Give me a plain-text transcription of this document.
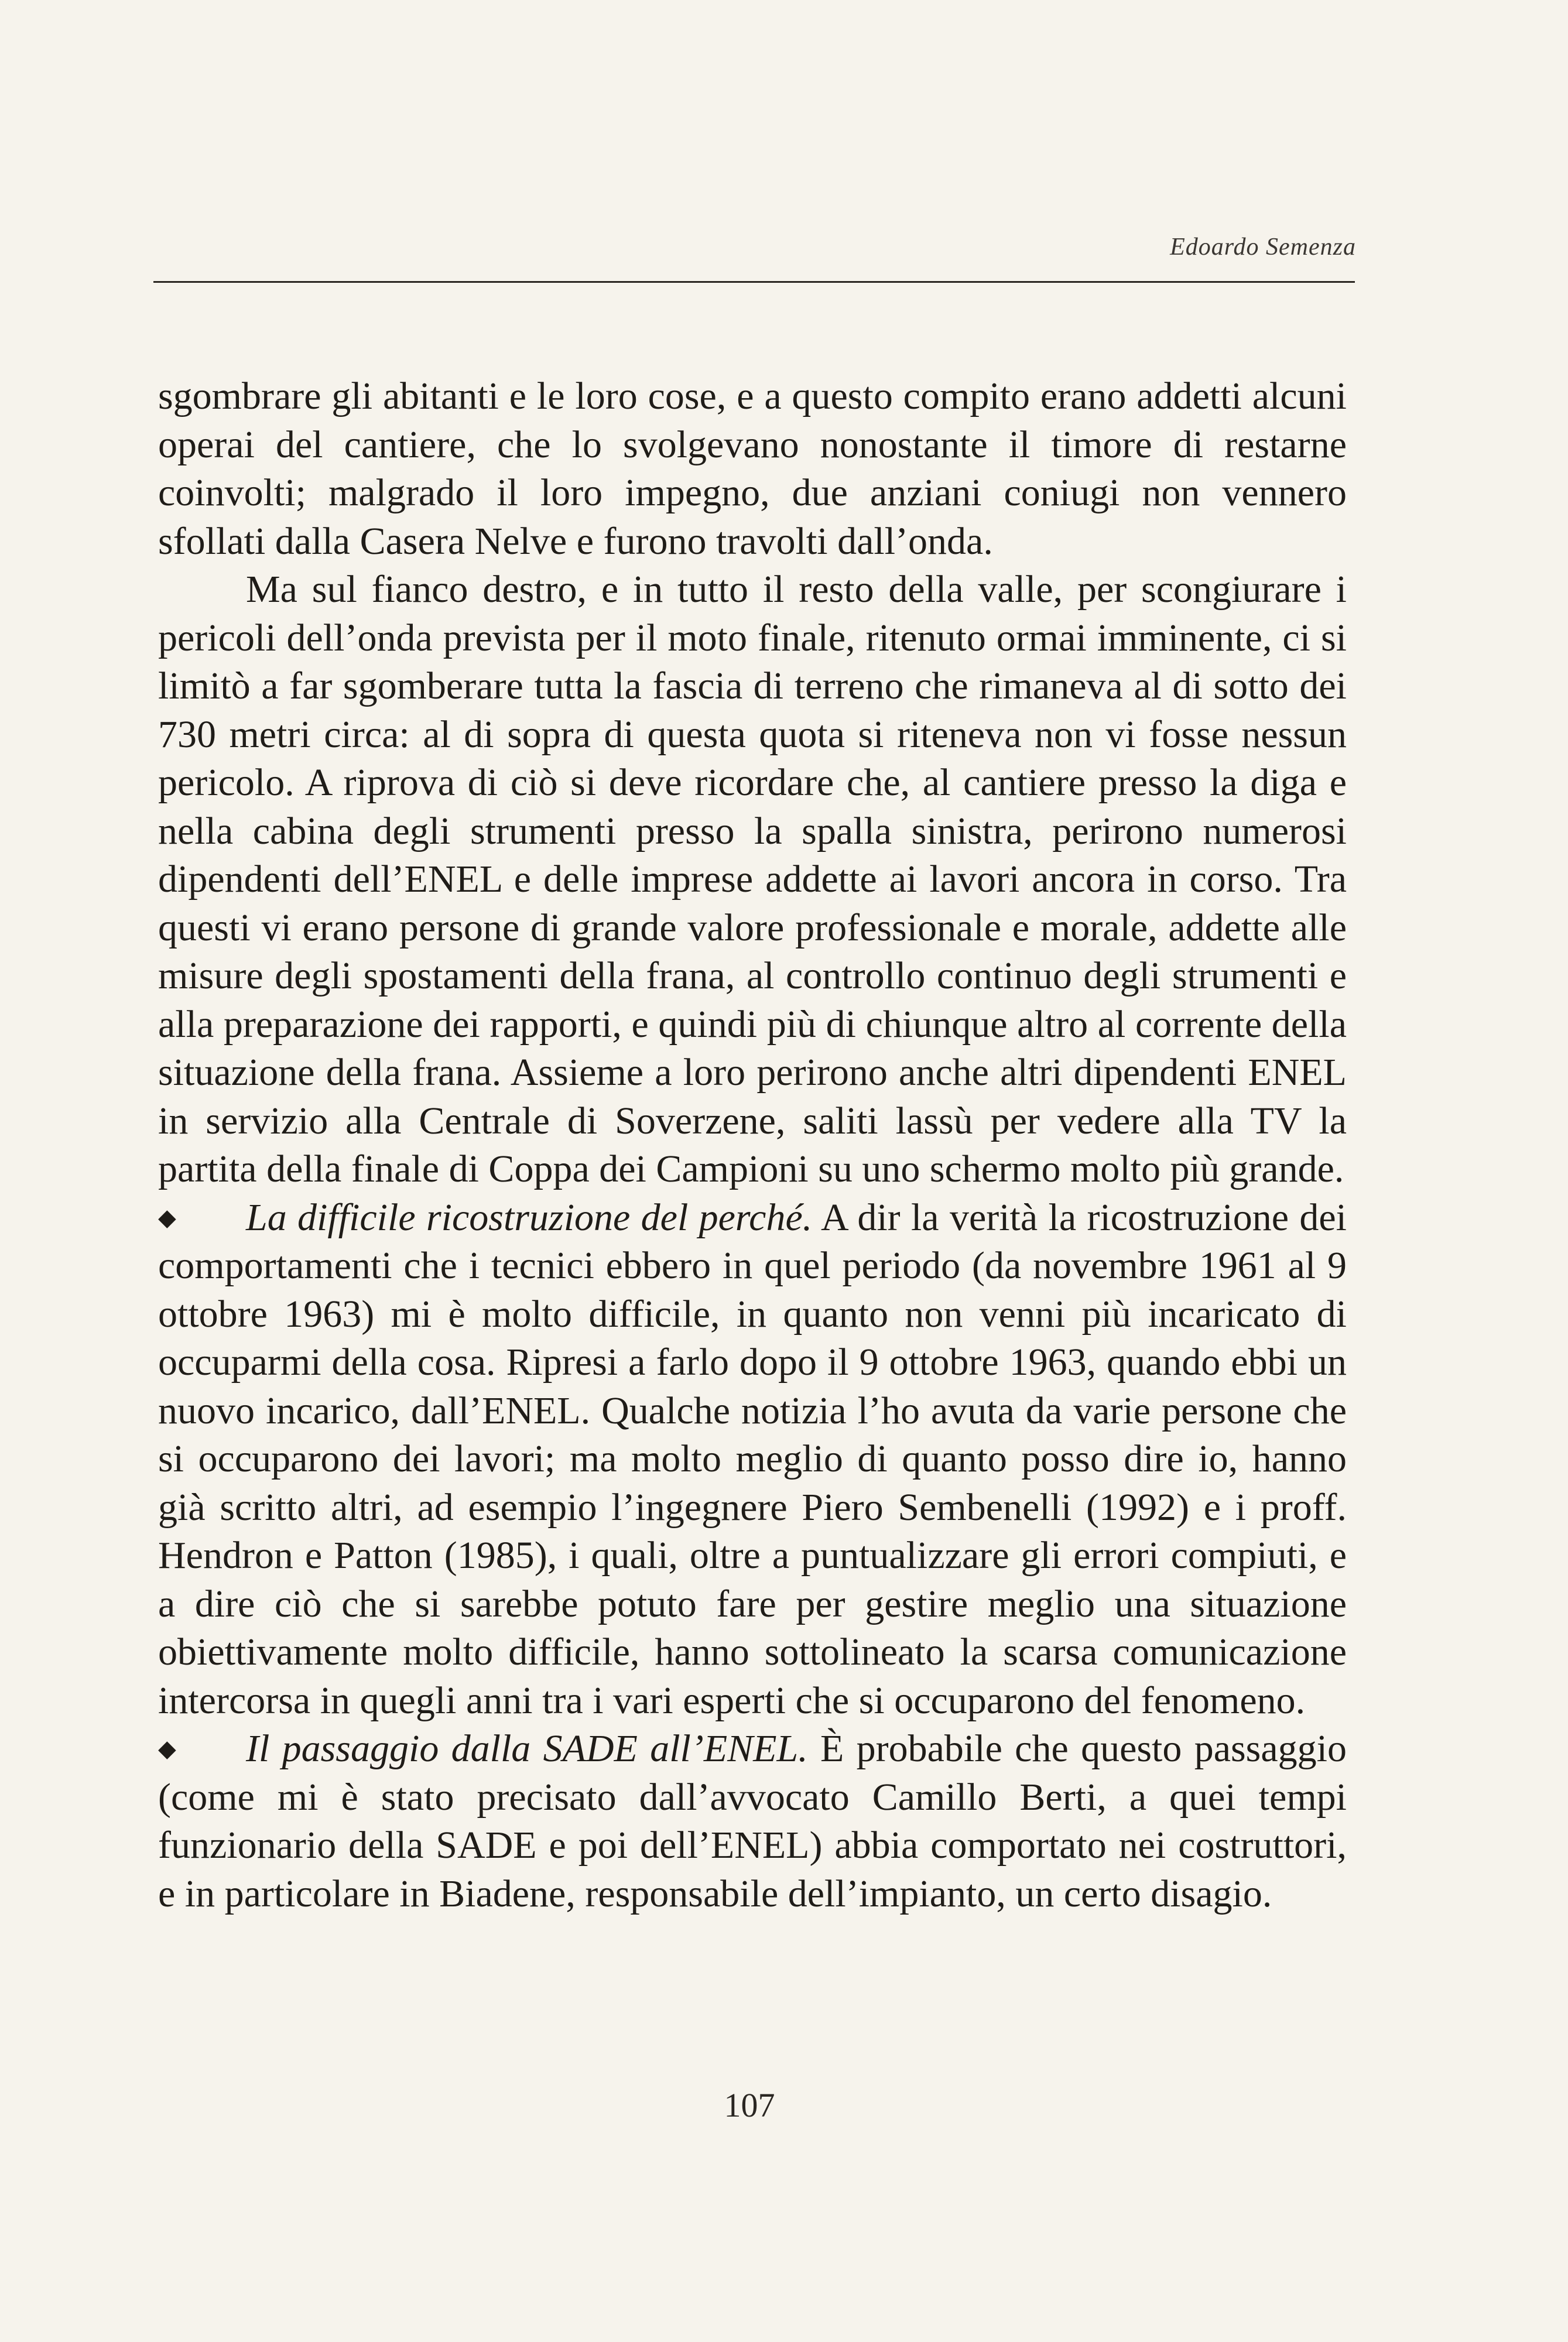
Edoardo Semenza

sgombrare gli abitanti e le loro cose, e a questo compito erano addetti alcuni operai del cantiere, che lo svolgevano nonostante il timore di restarne coinvolti; malgrado il loro impegno, due anziani coniugi non vennero sfollati dalla Casera Nelve e furono travolti dall’onda.

Ma sul fianco destro, e in tutto il resto della valle, per scongiurare i pericoli dell’onda prevista per il moto finale, ritenuto ormai imminente, ci si limitò a far sgomberare tutta la fascia di terreno che rimaneva al di sotto dei 730 metri circa: al di sopra di questa quota si riteneva non vi fosse nessun pericolo. A riprova di ciò si deve ricordare che, al cantiere presso la diga e nella cabina degli strumenti presso la spalla sinistra, perirono numerosi dipendenti dell’ENEL e delle imprese addette ai lavori ancora in corso. Tra questi vi erano persone di grande valore professionale e morale, addette alle misure degli spostamenti della frana, al controllo continuo degli strumenti e alla preparazione dei rapporti, e quindi più di chiunque altro al corrente della situazione della frana. Assieme a loro perirono anche altri dipendenti ENEL in servizio alla Centrale di Soverzene, saliti lassù per vedere alla TV la partita della finale di Coppa dei Campioni su uno schermo molto più grande.

◆ La difficile ricostruzione del perché. A dir la verità la ricostruzione dei comportamenti che i tecnici ebbero in quel periodo (da novembre 1961 al 9 ottobre 1963) mi è molto difficile, in quanto non venni più incaricato di occuparmi della cosa. Ripresi a farlo dopo il 9 ottobre 1963, quando ebbi un nuovo incarico, dall’ENEL. Qualche notizia l’ho avuta da varie persone che si occuparono dei lavori; ma molto meglio di quanto posso dire io, hanno già scritto altri, ad esempio l’ingegnere Piero Sembenelli (1992) e i proff. Hendron e Patton (1985), i quali, oltre a puntualizzare gli errori compiuti, e a dire ciò che si sarebbe potuto fare per gestire meglio una situazione obiettivamente molto difficile, hanno sottolineato la scarsa comunicazione intercorsa in quegli anni tra i vari esperti che si occuparono del fenomeno.

◆ Il passaggio dalla SADE all’ENEL. È probabile che questo passaggio (come mi è stato precisato dall’avvocato Camillo Berti, a quei tempi funzionario della SADE e poi dell’ENEL) abbia comportato nei costruttori, e in particolare in Biadene, responsabile dell’impianto, un certo disagio.

107
